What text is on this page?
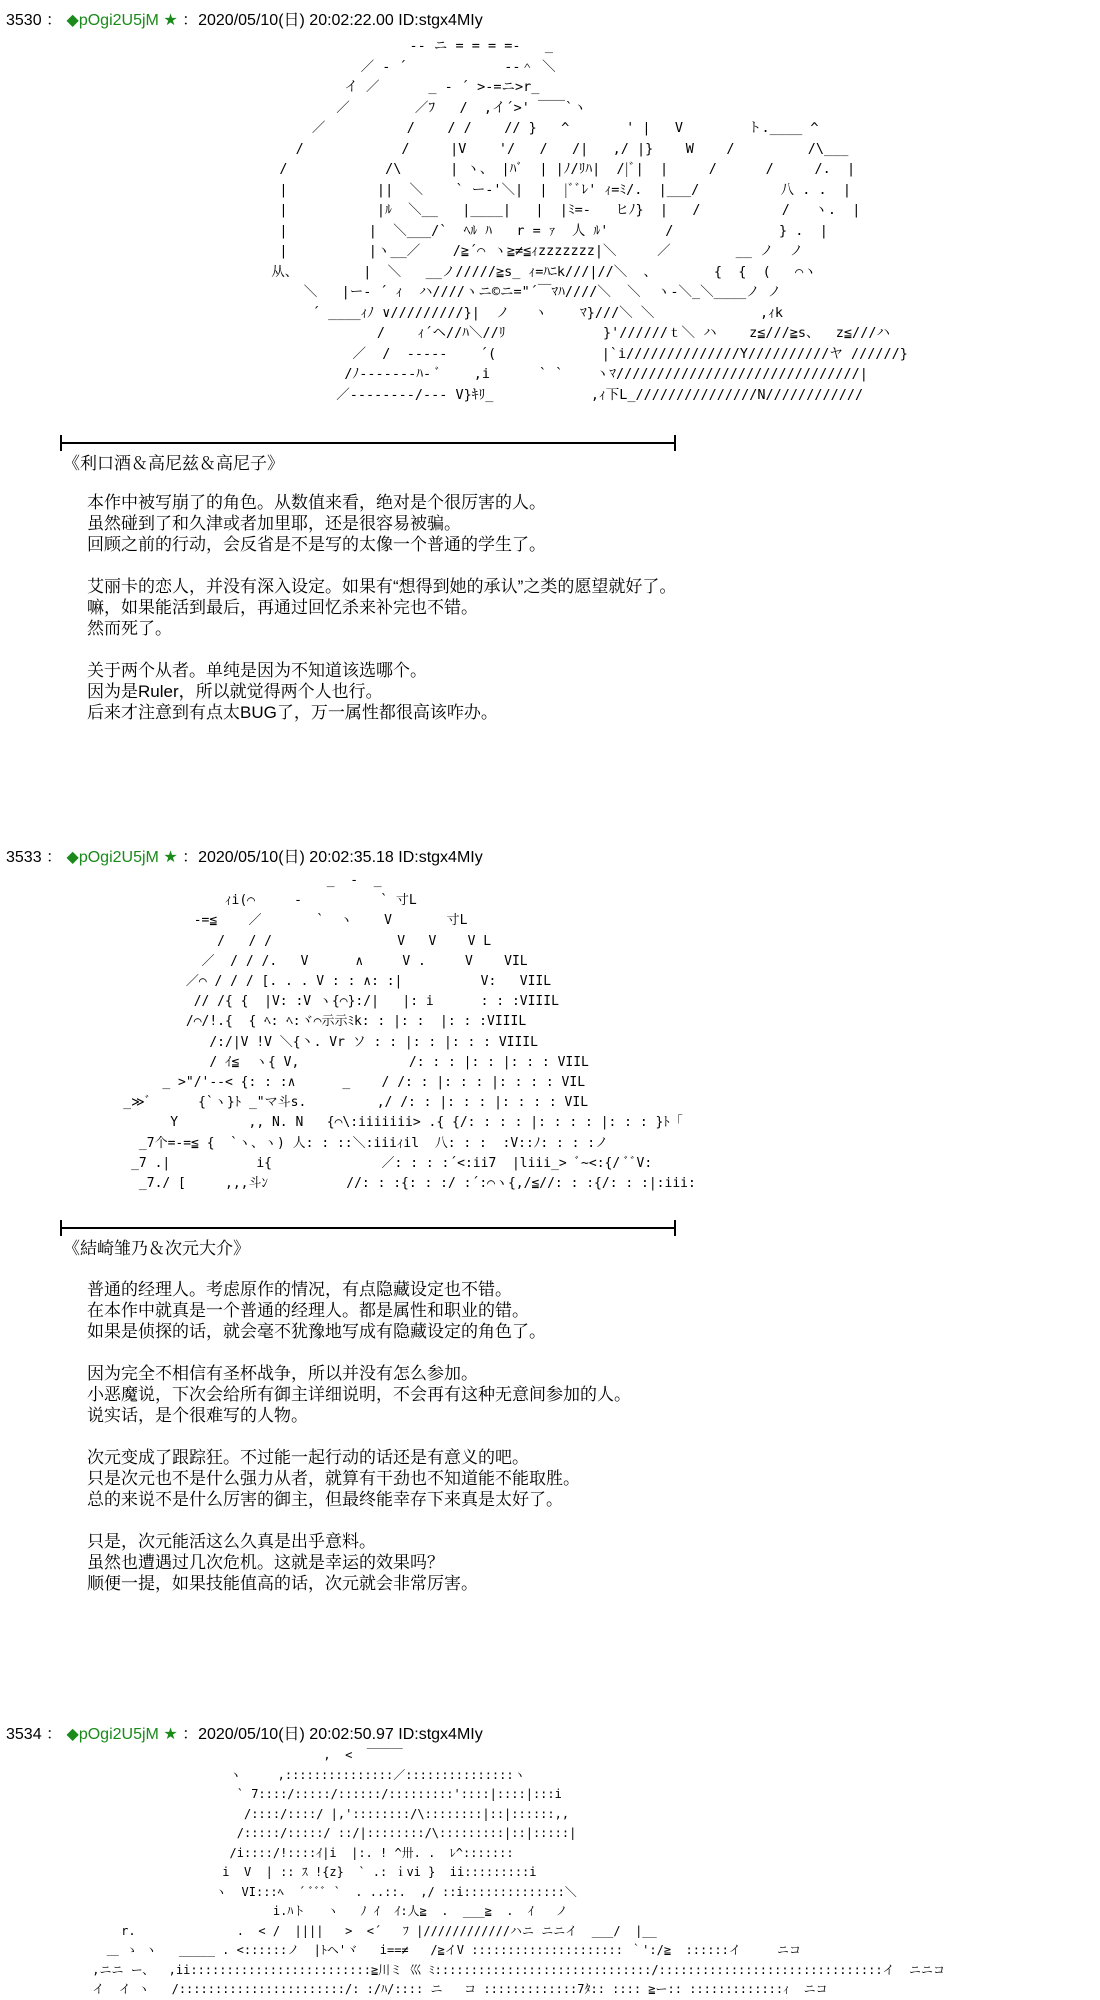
3530 ： ◆pOgi2U5jM ★ ：2020/05/10(日) 20:02:22.00 ID:stgx4MIy
-- ニ = = = =-   _
／ ‐ ´            ‐-＾ ＼
イ ／      _ - ´ >-=ニ>r_
／        ／ﾌ   /  ,イ´>' ￣￣`ヽ
／          /    / /    // }   ^       ' |   V        ト.____ ^
/            /     |V    '/   /   /|   ,/ |}    W    /         /\___
/            /\      | ヽ、 |ﾊﾞ  | |ﾉ/ﾘﾊ|  /|ﾞ|  |     /      /     /.  |
|           ||  ＼    ` ー‐'＼|  |  |ﾞﾞﾚ' ｨ=ﾐ/.  |___/          八 . .  |
|           |ﾙ  ＼__   |____|   |  |ﾐ=-   ヒﾉ}  |   /          /   ヽ.  |
|          |  ＼___/`  ﾍﾙ ﾊ   r = ｧ  人 ﾙ'       /             } .  |
|          |ヽ__／    /≧´⌒ ヽ≧≠≦ｨzzzzzzz|＼     ／        __ ノ  ノ
从、        |  ＼   __ノ/////≧s_ ｨ=ﾊﾆk///|//＼  、       {  {  (   ⌒ヽ
＼   |ー- ´ ｨ  ハ////ヽニ©ニ="´￣ﾏﾊ////＼  ＼  ヽ-＼_＼____ノ ノ
´ ____ｨﾉ ∨/////////}|  ノ   ヽ    ﾏ}///＼ ＼             ,ｨk
/    ｨ´ヘ//ﾊ＼//ﾘ            }'//////ｔ＼ ハ    z≦///≧s、  z≦///ハ
／  /  -----    ´(             |`i//////////////Y//////////ヤ //////}
/ﾉ-------ﾊ- ﾞ    ,i      ` `    ヽﾏ//////////////////////////////|
／--------/--- V}ｷﾘ_            ,ｨ下L_///////////////N////////////
《利口酒＆高尼兹＆高尼子》

本作中被写崩了的角色。从数值来看，绝对是个很厉害的人。
虽然碰到了和久津或者加里耶，还是很容易被骗。
回顾之前的行动，会反省是不是写的太像一个普通的学生了。

艾丽卡的恋人，并没有深入设定。如果有“想得到她的承认”之类的愿望就好了。
嘛，如果能活到最后，再通过回忆杀来补完也不错。
然而死了。

关于两个从者。单纯是因为不知道该选哪个。
因为是Ruler，所以就觉得两个人也行。
后来才注意到有点太BUG了，万一属性都很高该咋办。

3533 ： ◆pOgi2U5jM ★ ：2020/05/10(日) 20:02:35.18 ID:stgx4MIy
_  -  _
ｨi(⌒     -          ` 寸L
-=≦    ／       `  ヽ    V       寸L
/   / /                V   V    V L
／  / / /.   V      ∧     V .     V    VIL
／⌒ / / / [. . . V : : ∧: :|          V:   VIIL
// /{ {  |V: :V ヽ{⌒}:/|   |: i      : : :VIIIL
/⌒/!.{  { ﾍ: ﾍ:ヾ⌒示示ﾐk: : |: :  |: : :VIIIL
/:/|V !V ＼{丶. Vr ソ : : |: : |: : : VIIIL
/ ｲ≦  ヽ{ V,              /: : : |: : |: : : VIIL
_ >"/'--< {: : :∧      _    / /: : |: : : |: : : : VIL
_≫ﾞ      {`ヽ}ﾄ _"マ斗s.         ,/ /: : |: : : |: : : : VIL
Y         ,, N. N   {⌒\:iiiiiii> .{ {/: : : : |: : : : |: : : }ﾄ「
_7个=-=≦ {  `ヽ、ヽ) 人: : ::＼:iiiｨil  八: : :  :V::ﾉ: : : :ノ
_7 .|           i{              ／: : : :´<:ii7  |liii_> ﾞ~<:{/ ﾞﾞV:
_7./ [     ,,,斗ﾝ          //: : :{: : :/ :´:⌒ヽ{,/≦//: : :{/: : :|:iii:
《結崎雏乃＆次元大介》

普通的经理人。考虑原作的情况，有点隐藏设定也不错。
在本作中就真是一个普通的经理人。都是属性和职业的错。
如果是侦探的话，就会毫不犹豫地写成有隐藏设定的角色了。

因为完全不相信有圣杯战争，所以并没有怎么参加。
小恶魔说，下次会给所有御主详细说明，不会再有这种无意间参加的人。
说实话，是个很难写的人物。

次元变成了跟踪狂。不过能一起行动的话还是有意义的吧。
只是次元也不是什么强力从者，就算有干劲也不知道能不能取胜。
总的来说不是什么厉害的御主，但最终能幸存下来真是太好了。

只是，次元能活这么久真是出乎意料。
虽然也遭遇过几次危机。这就是幸运的效果吗？
顺便一提，如果技能值高的话，次元就会非常厉害。

3534 ： ◆pOgi2U5jM ★ ：2020/05/10(日) 20:02:50.97 ID:stgx4MIy
,  <  ￣￣￣
ヽ     ,:::::::::::::::／:::::::::::::::ヽ
` 7::::/:::::/::::::/:::::::::'::::|::::|:::i
/::::/::::/ |,'::::::::/\::::::::|::|::::::,,
/:::::/:::::/ ::/|::::::::/\:::::::::|::|:::::|
/i::::/!::::ｲ|i  |:. ! ^卅. .  ﾚ^:::::::
i  V  | :: ｽ !{z}  ` .: ｉvi }  ii:::::::::i
ヽ  VI:::ﾍ  ´ ﾞﾞﾞ `  . ..::.  ,/ ::i::::::::::::::＼
i.ﾊト   ヽ   ﾉ ｲ  ｲ:人≧  .  ___≧  .  ｲ   ノ
r.              .  < /  ||||   >  <´   ﾌ |////////////ハニ ニニイ  ___/  |__
＿ ゝ ヽ   _____ . <::::::ノ  |ﾄヘ'ヾ   i==≠   /≧イV ::::::::::::::::::::: ｀':/≧  ::::::イ     ニコ
,ニニ ー、  ,ii:::::::::::::::::::::::::≧川ミ 巛 ﾐ::::::::::::::::::::::::::::::/:::::::::::::::::::::::::::::::イ  ニニコ
イ  イ ヽ   /:::::::::::::::::::::::/: :/ﾊ/:::: ニ   コ :::::::::::::7ﾀ:: :::: ≧ー:: :::::::::::::ｨ  ニコ
